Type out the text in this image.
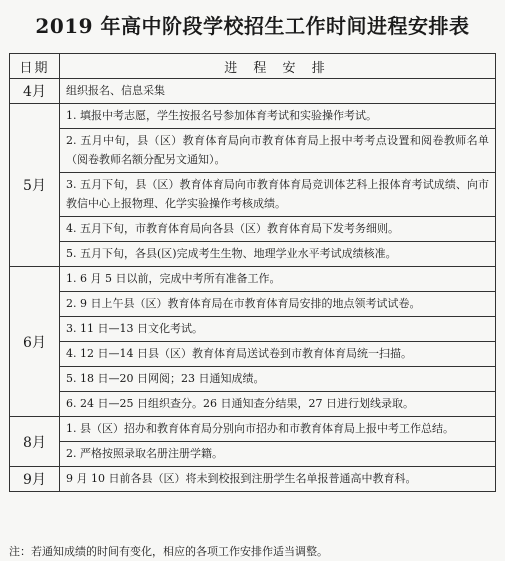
2019 年高中阶段学校招生工作时间进程安排表
日期	进 程 安 排
4月	组织报名、信息采集
5月	1. 填报中考志愿，学生按报名号参加体育考试和实验操作考试。
	2. 五月中旬，县（区）教育体育局向市教育体育局上报中考考点设置和阅卷教师名单（阅卷教师名额分配另文通知）。
	3. 五月下旬，县（区）教育体育局向市教育体育局竞训体艺科上报体育考试成绩、向市教信中心上报物理、化学实验操作考核成绩。
	4. 五月下旬，市教育体育局向各县（区）教育体育局下发考务细则。
	5. 五月下旬，各县(区)完成考生生物、地理学业水平考试成绩核准。
6月	1. 6 月 5 日以前，完成中考所有准备工作。
	2. 9 日上午县（区）教育体育局在市教育体育局安排的地点领考试试卷。
	3. 11 日—13 日文化考试。
	4. 12 日—14 日县（区）教育体育局送试卷到市教育体育局统一扫描。
	5. 18 日—20 日网阅；23 日通知成绩。
	6. 24 日—25 日组织查分。26 日通知查分结果，27 日进行划线录取。
8月	1. 县（区）招办和教育体育局分别向市招办和市教育体育局上报中考工作总结。
	2. 严格按照录取名册注册学籍。
9月	9 月 10 日前各县（区）将未到校报到注册学生名单报普通高中教育科。
注：若通知成绩的时间有变化，相应的各项工作安排作适当调整。
